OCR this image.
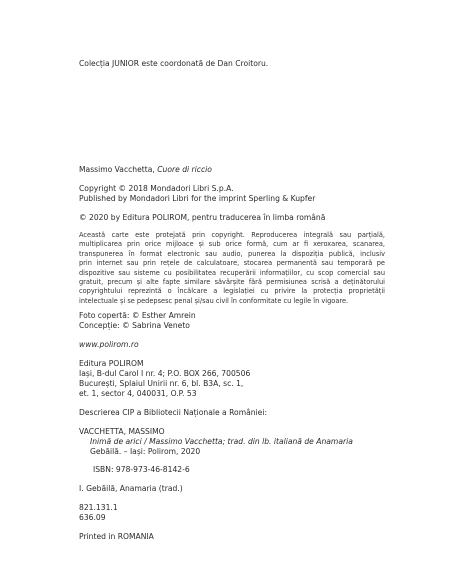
Colecția JUNIOR este coordonată de Dan Croitoru.

Massimo Vacchetta, Cuore di riccio

Copyright © 2018 Mondadori Libri S.p.A.

Published by Mondadori Libri for the imprint Sperling & Kupfer

© 2020 by Editura POLIROM, pentru traducerea în limba română

Această carte este protejată prin copyright. Reproducerea integrală sau parțială,
multiplicarea prin orice mijloace și sub orice formă, cum ar fi xeroxarea, scanarea,
transpunerea în format electronic sau audio, punerea la dispoziția publică, inclusiv
prin internet sau prin rețele de calculatoare, stocarea permanentă sau temporară pe
dispozitive sau sisteme cu posibilitatea recuperării informațiilor, cu scop comercial sau
gratuit, precum și alte fapte similare săvârșite fără permisiunea scrisă a deținătorului
copyrightului reprezintă o încălcare a legislației cu privire la protecția proprietății
intelectuale și se pedepsesc penal și/sau civil în conformitate cu legile în vigoare.

Foto copertă: © Esther Amrein

Concepție: © Sabrina Veneto

www.polirom.ro

Editura POLIROM

Iași, B-dul Carol I nr. 4; P.O. BOX 266, 700506

București, Splaiul Unirii nr. 6, bl. B3A, sc. 1,

et. 1, sector 4, 040031, O.P. 53

Descrierea CIP a Bibliotecii Naționale a României:

VACCHETTA, MASSIMO

Inimă de arici / Massimo Vacchetta; trad. din lb. italiană de Anamaria

Gebăilă. – Iași: Polirom, 2020

ISBN: 978-973-46-8142-6

I. Gebăilă, Anamaria (trad.)

821.131.1

636.09

Printed in ROMANIA
